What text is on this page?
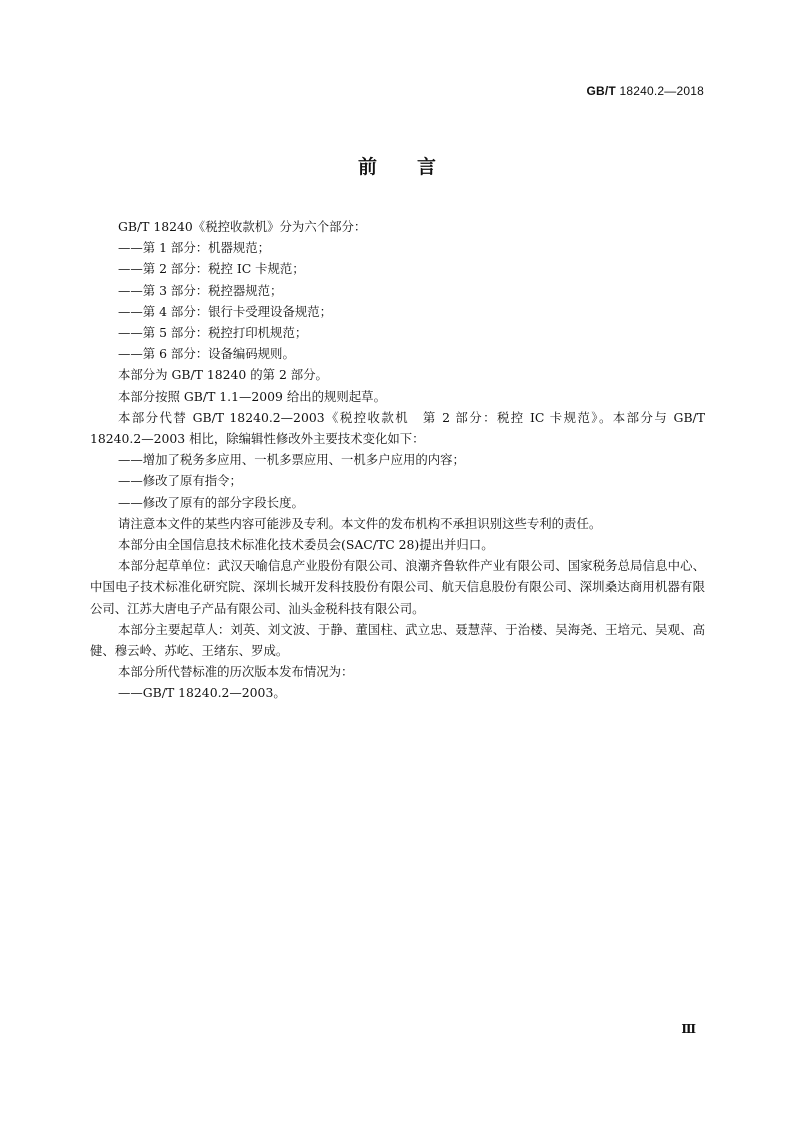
GB/T 18240.2—2018
前言

GB/T 18240《税控收款机》分为六个部分：

——第 1 部分：机器规范；

——第 2 部分：税控 IC 卡规范；

——第 3 部分：税控器规范；

——第 4 部分：银行卡受理设备规范；

——第 5 部分：税控打印机规范；

——第 6 部分：设备编码规则。

本部分为 GB/T 18240 的第 2 部分。

本部分按照 GB/T 1.1—2009 给出的规则起草。

本部分代替 GB/T 18240.2—2003《税控收款机　第 2 部分：税控 IC 卡规范》。本部分与 GB/T 18240.2—2003 相比，除编辑性修改外主要技术变化如下：

——增加了税务多应用、一机多票应用、一机多户应用的内容；

——修改了原有指令；

——修改了原有的部分字段长度。

请注意本文件的某些内容可能涉及专利。本文件的发布机构不承担识别这些专利的责任。

本部分由全国信息技术标准化技术委员会(SAC/TC 28)提出并归口。

本部分起草单位：武汉天喻信息产业股份有限公司、浪潮齐鲁软件产业有限公司、国家税务总局信息中心、中国电子技术标准化研究院、深圳长城开发科技股份有限公司、航天信息股份有限公司、深圳桑达商用机器有限公司、江苏大唐电子产品有限公司、汕头金税科技有限公司。

本部分主要起草人：刘英、刘文波、于静、董国柱、武立忠、聂慧萍、于治楼、吴海尧、王培元、吴观、高健、穆云岭、苏屹、王绪东、罗成。

本部分所代替标准的历次版本发布情况为：

——GB/T 18240.2—2003。

Ⅲ
